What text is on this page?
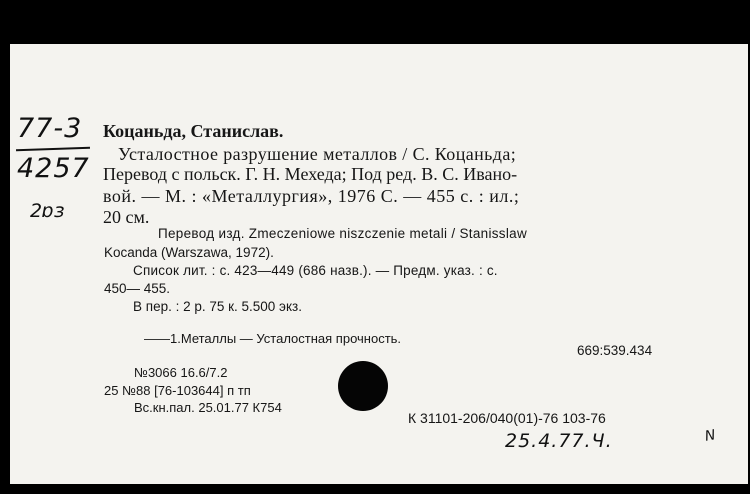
77-3
4257
2ɒɜ
Коцаньда, Станислав.
Усталостное разрушение металлов / С. Коцаньда;
Перевод с польск. Г. Н. Мехеда; Под ред. В. С. Ивано-
вой. — М. : «Металлургия», 1976 С. — 455 с. : ил.;
20 см.
Перевод изд. Zmeczeniowe niszczenie metali / Stanisslaw
Kocanda (Warszawa, 1972).
Список лит. : с. 423—449 (686 назв.). — Предм. указ. : с.
450— 455.
В пер. : 2 р. 75 к. 5.500 экз.
——1.Металлы — Усталостная прочность.
669:539.434
№3066 16.6/7.2
25 №88 [76-103644] п тп
Вс.кн.пал. 25.01.77 К754
К 31101-206/040(01)-76 103-76
25.4.77.Ч.	N
